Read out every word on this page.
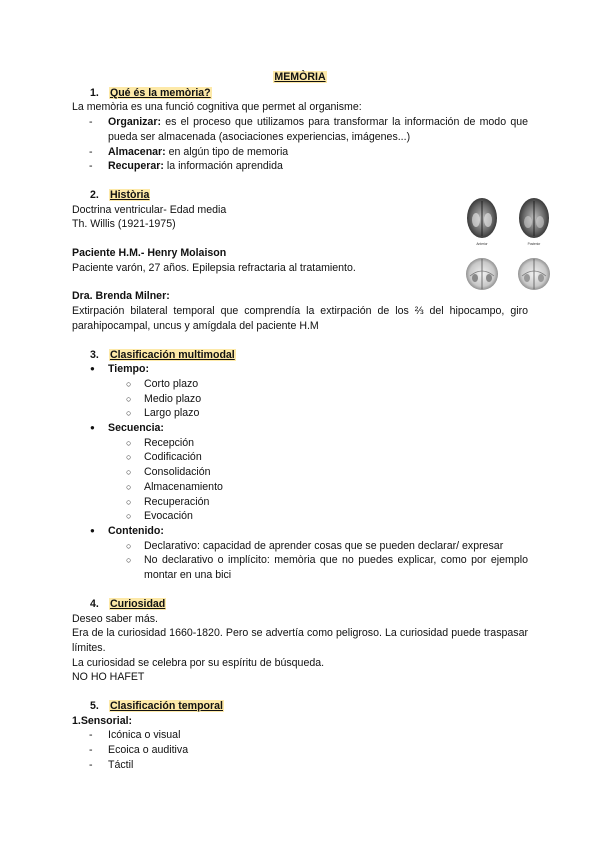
MEMÒRIA
1. Qué és la memòria?

La memòria es una funció cognitiva que permet al organisme:

-	Organizar: es el proceso que utilizamos para transformar la información de modo que pueda ser almacenada (asociaciones experiencias, imágenes...)
-	Almacenar: en algún tipo de memoria
-	Recuperar: la información aprendida
2. Història

Doctrina ventricular- Edad media

Th. Willis (1921-1975)

Paciente H.M.- Henry Molaison

Paciente varón, 27 años. Epilepsia refractaria al tratamiento.

Dra. Brenda Milner:

Extirpación bilateral temporal que comprendía la extirpación de los ⅔ del hipocampo, giro parahipocampal, uncus y amígdala del paciente H.M

3. Clasificación multimodal
●	Tiempo:
○	Corto plazo
○	Medio plazo
○	Largo plazo
●	Secuencia:
○	Recepción
○	Codificación
○	Consolidación
○	Almacenamiento
○	Recuperación
○	Evocación
●	Contenido:
○	Declarativo: capacidad de aprender cosas que se pueden declarar/ expresar
○	No declarativo o implícito: memòria que no puedes explicar, como por ejemplo montar en una bici
4. Curiosidad

Deseo saber más.

Era de la curiosidad 1660-1820. Pero se advertía como peligroso. La curiosidad puede traspasar límites.

La curiosidad se celebra por su espíritu de búsqueda.

NO HO HAFET

5. Clasificación temporal

1.Sensorial:

-	Icónica o visual
-	Ecoica o auditiva
-	Táctil
Anterior	Posterior
